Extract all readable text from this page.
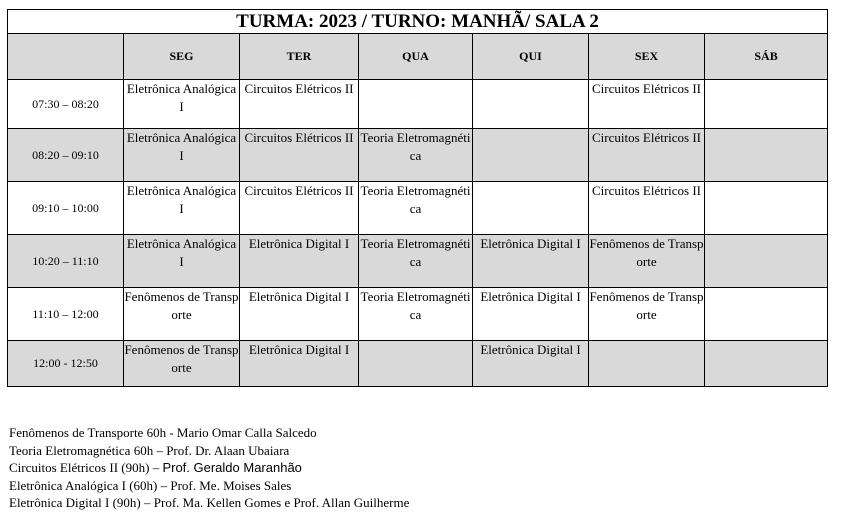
TURMA: 2023 / TURNO: MANHÃ/ SALA 2						
	SEG	TER	QUA	QUI	SEX	SÁB
07:30 – 08:20	Eletrônica Analógica I	Circuitos Elétricos II			Circuitos Elétricos II	
08:20 – 09:10	Eletrônica Analógica I	Circuitos Elétricos II	Teoria Eletromagnética		Circuitos Elétricos II	
09:10 – 10:00	Eletrônica Analógica I	Circuitos Elétricos II	Teoria Eletromagnética		Circuitos Elétricos II	
10:20 – 11:10	Eletrônica Analógica I	Eletrônica Digital I	Teoria Eletromagnética	Eletrônica Digital I	Fenômenos de Transporte	
11:10 – 12:00	Fenômenos de Transporte	Eletrônica Digital I	Teoria Eletromagnética	Eletrônica Digital I	Fenômenos de Transporte	
12:00 - 12:50	Fenômenos de Transporte	Eletrônica Digital I		Eletrônica Digital I		
Fenômenos de Transporte 60h - Mario Omar Calla Salcedo
Teoria Eletromagnética 60h – Prof. Dr. Alaan Ubaiara
Circuitos Elétricos II (90h) – Prof. Geraldo Maranhão
Eletrônica Analógica I (60h) – Prof. Me. Moises Sales
Eletrônica Digital I (90h) – Prof. Ma. Kellen Gomes e Prof. Allan Guilherme
